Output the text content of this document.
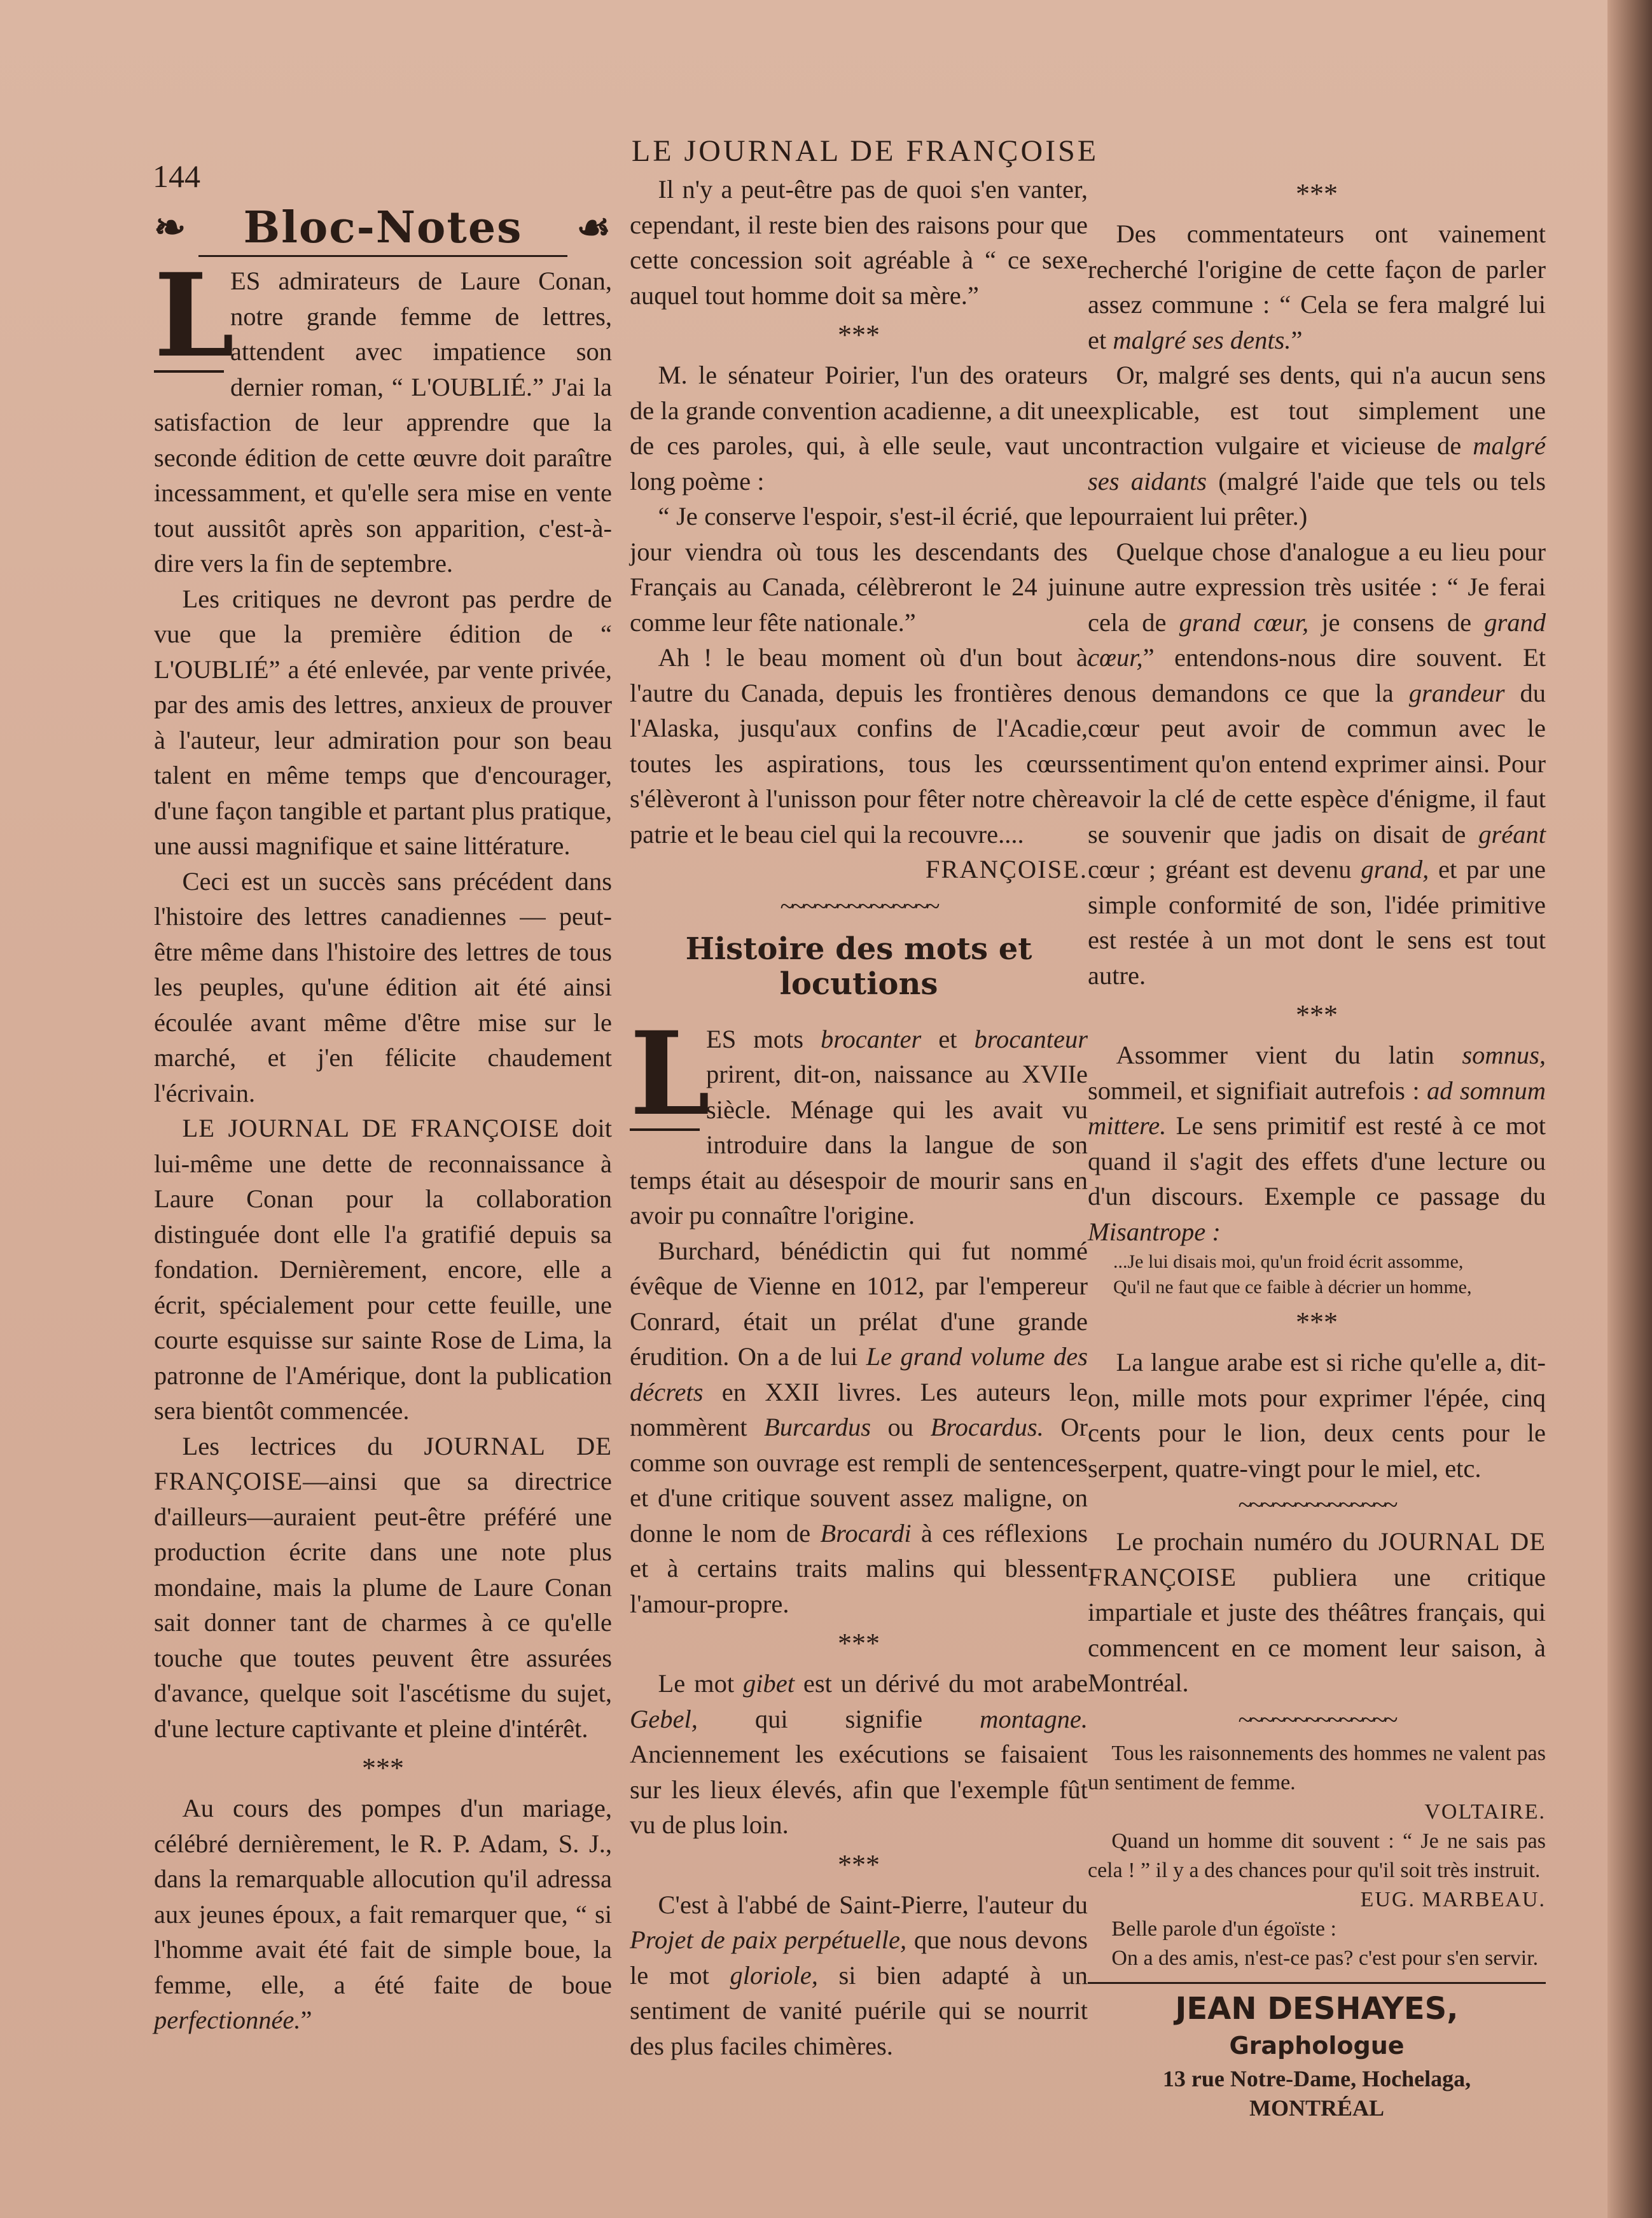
144
LE JOURNAL DE FRANÇOISE
❧ Bloc-Notes ☙
L

ES admirateurs de Laure Conan, notre grande femme de lettres, attendent avec impatience son dernier roman, “ L'OUBLIÉ.” J'ai la satisfaction de leur apprendre que la seconde édition de cette œuvre doit paraître incessamment, et qu'elle sera mise en vente tout aussitôt après son apparition, c'est-à-dire vers la fin de septembre.

Les critiques ne devront pas perdre de vue que la première édition de “ L'OUBLIÉ” a été enlevée, par vente privée, par des amis des lettres, anxieux de prouver à l'auteur, leur admiration pour son beau talent en même temps que d'encourager, d'une façon tangible et partant plus pratique, une aussi magnifique et saine littérature.

Ceci est un succès sans précédent dans l'histoire des lettres canadiennes — peut-être même dans l'histoire des lettres de tous les peuples, qu'une édition ait été ainsi écoulée avant même d'être mise sur le marché, et j'en félicite chaudement l'écrivain.

LE JOURNAL DE FRANÇOISE doit lui-même une dette de reconnaissance à Laure Conan pour la collaboration distinguée dont elle l'a gratifié depuis sa fondation. Dernièrement, encore, elle a écrit, spécialement pour cette feuille, une courte esquisse sur sainte Rose de Lima, la patronne de l'Amérique, dont la publication sera bientôt commencée.

Les lectrices du JOURNAL DE FRANÇOISE—ainsi que sa directrice d'ailleurs—auraient peut-être préféré une production écrite dans une note plus mondaine, mais la plume de Laure Conan sait donner tant de charmes à ce qu'elle touche que toutes peuvent être assurées d'avance, quelque soit l'ascétisme du sujet, d'une lecture captivante et pleine d'intérêt.

***

Au cours des pompes d'un mariage, célébré dernièrement, le R. P. Adam, S. J., dans la remarquable allocution qu'il adressa aux jeunes époux, a fait remarquer que, “ si l'homme avait été fait de simple boue, la femme, elle, a été faite de boue perfectionnée.”

Il n'y a peut-être pas de quoi s'en vanter, cependant, il reste bien des raisons pour que cette concession soit agréable à “ ce sexe auquel tout homme doit sa mère.”

***

M. le sénateur Poirier, l'un des orateurs de la grande convention acadienne, a dit une de ces paroles, qui, à elle seule, vaut un long poème :

“ Je conserve l'espoir, s'est-il écrié, que le jour viendra où tous les descendants des Français au Canada, célèbreront le 24 juin comme leur fête nationale.”

Ah ! le beau moment où d'un bout à l'autre du Canada, depuis les frontières de l'Alaska, jusqu'aux confins de l'Acadie, toutes les aspirations, tous les cœurs s'élèveront à l'unisson pour fêter notre chère patrie et le beau ciel qui la recouvre....

FRANÇOISE.
~~~~~~~~~~~~~~
Histoire des mots et locutions
L

ES mots brocanter et brocanteur prirent, dit-on, naissance au XVIIe siècle. Ménage qui les avait vu introduire dans la langue de son temps était au désespoir de mourir sans en avoir pu connaître l'origine.

Burchard, bénédictin qui fut nommé évêque de Vienne en 1012, par l'empereur Conrard, était un prélat d'une grande érudition. On a de lui Le grand volume des décrets en XXII livres. Les auteurs le nommèrent Burcardus ou Brocardus. Or comme son ouvrage est rempli de sentences et d'une critique souvent assez maligne, on donne le nom de Brocardi à ces réflexions et à certains traits malins qui blessent l'amour-propre.

***

Le mot gibet est un dérivé du mot arabe Gebel, qui signifie montagne. Anciennement les exécutions se faisaient sur les lieux élevés, afin que l'exemple fût vu de plus loin.

***

C'est à l'abbé de Saint-Pierre, l'auteur du Projet de paix perpétuelle, que nous devons le mot gloriole, si bien adapté à un sentiment de vanité puérile qui se nourrit des plus faciles chimères.

***

Des commentateurs ont vainement recherché l'origine de cette façon de parler assez commune : “ Cela se fera malgré lui et malgré ses dents.”

Or, malgré ses dents, qui n'a aucun sens explicable, est tout simplement une contraction vulgaire et vicieuse de malgré ses aidants (malgré l'aide que tels ou tels pourraient lui prêter.)

Quelque chose d'analogue a eu lieu pour une autre expression très usitée : “ Je ferai cela de grand cœur, je consens de grand cœur,” entendons-nous dire souvent. Et nous demandons ce que la grandeur du cœur peut avoir de commun avec le sentiment qu'on entend exprimer ainsi. Pour avoir la clé de cette espèce d'énigme, il faut se souvenir que jadis on disait de gréant cœur ; gréant est devenu grand, et par une simple conformité de son, l'idée primitive est restée à un mot dont le sens est tout autre.

***

Assommer vient du latin somnus, sommeil, et signifiait autrefois : ad somnum mittere. Le sens primitif est resté à ce mot quand il s'agit des effets d'une lecture ou d'un discours. Exemple ce passage du Misantrope :

...Je lui disais moi, qu'un froid écrit assomme,
Qu'il ne faut que ce faible à décrier un homme,
***

La langue arabe est si riche qu'elle a, dit-on, mille mots pour exprimer l'épée, cinq cents pour le lion, deux cents pour le serpent, quatre-vingt pour le miel, etc.

~~~~~~~~~~~~~~

Le prochain numéro du JOURNAL DE FRANÇOISE publiera une critique impartiale et juste des théâtres français, qui commencent en ce moment leur saison, à Montréal.

~~~~~~~~~~~~~~

Tous les raisonnements des hommes ne valent pas un sentiment de femme.

VOLTAIRE.

Quand un homme dit souvent : “ Je ne sais pas cela ! ” il y a des chances pour qu'il soit très instruit.

EUG. MARBEAU.

Belle parole d'un égoïste :

On a des amis, n'est-ce pas? c'est pour s'en servir.

JEAN DESHAYES, Graphologue
13 rue Notre-Dame, Hochelaga,
MONTRÉAL
